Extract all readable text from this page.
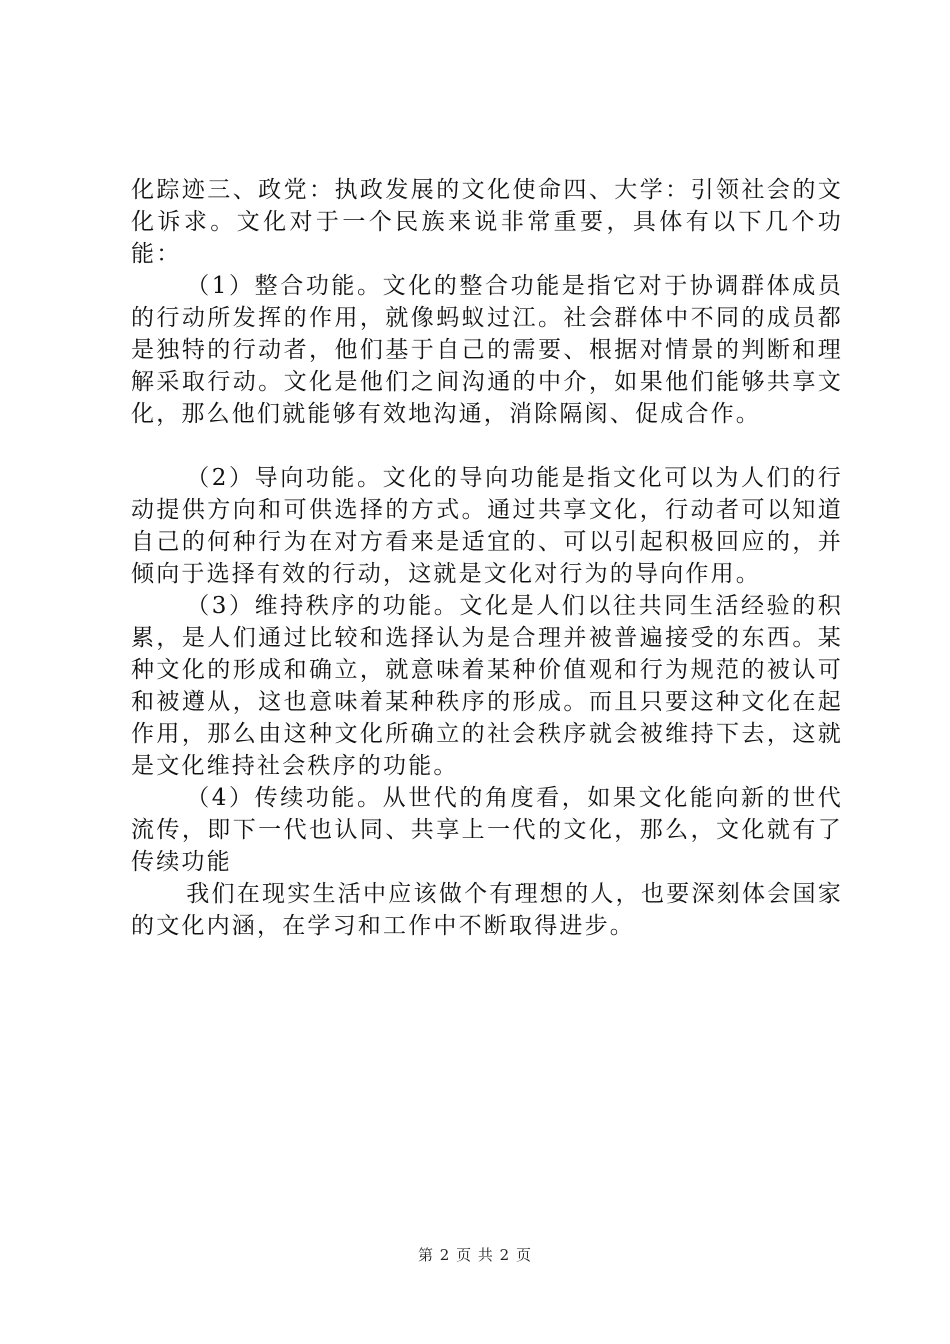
化踪迹三、政党：执政发展的文化使命四、大学：引领社会的文化诉求。文化对于一个民族来说非常重要，具体有以下几个功能：

（1）整合功能。文化的整合功能是指它对于协调群体成员的行动所发挥的作用，就像蚂蚁过江。社会群体中不同的成员都是独特的行动者，他们基于自己的需要、根据对情景的判断和理解采取行动。文化是他们之间沟通的中介，如果他们能够共享文化，那么他们就能够有效地沟通，消除隔阂、促成合作。

（2）导向功能。文化的导向功能是指文化可以为人们的行动提供方向和可供选择的方式。通过共享文化，行动者可以知道自己的何种行为在对方看来是适宜的、可以引起积极回应的，并倾向于选择有效的行动，这就是文化对行为的导向作用。

（3）维持秩序的功能。文化是人们以往共同生活经验的积累，是人们通过比较和选择认为是合理并被普遍接受的东西。某种文化的形成和确立，就意味着某种价值观和行为规范的被认可和被遵从，这也意味着某种秩序的形成。而且只要这种文化在起作用，那么由这种文化所确立的社会秩序就会被维持下去，这就是文化维持社会秩序的功能。

（4）传续功能。从世代的角度看，如果文化能向新的世代流传，即下一代也认同、共享上一代的文化，那么，文化就有了传续功能

我们在现实生活中应该做个有理想的人，也要深刻体会国家的文化内涵，在学习和工作中不断取得进步。

第 2 页 共 2 页
